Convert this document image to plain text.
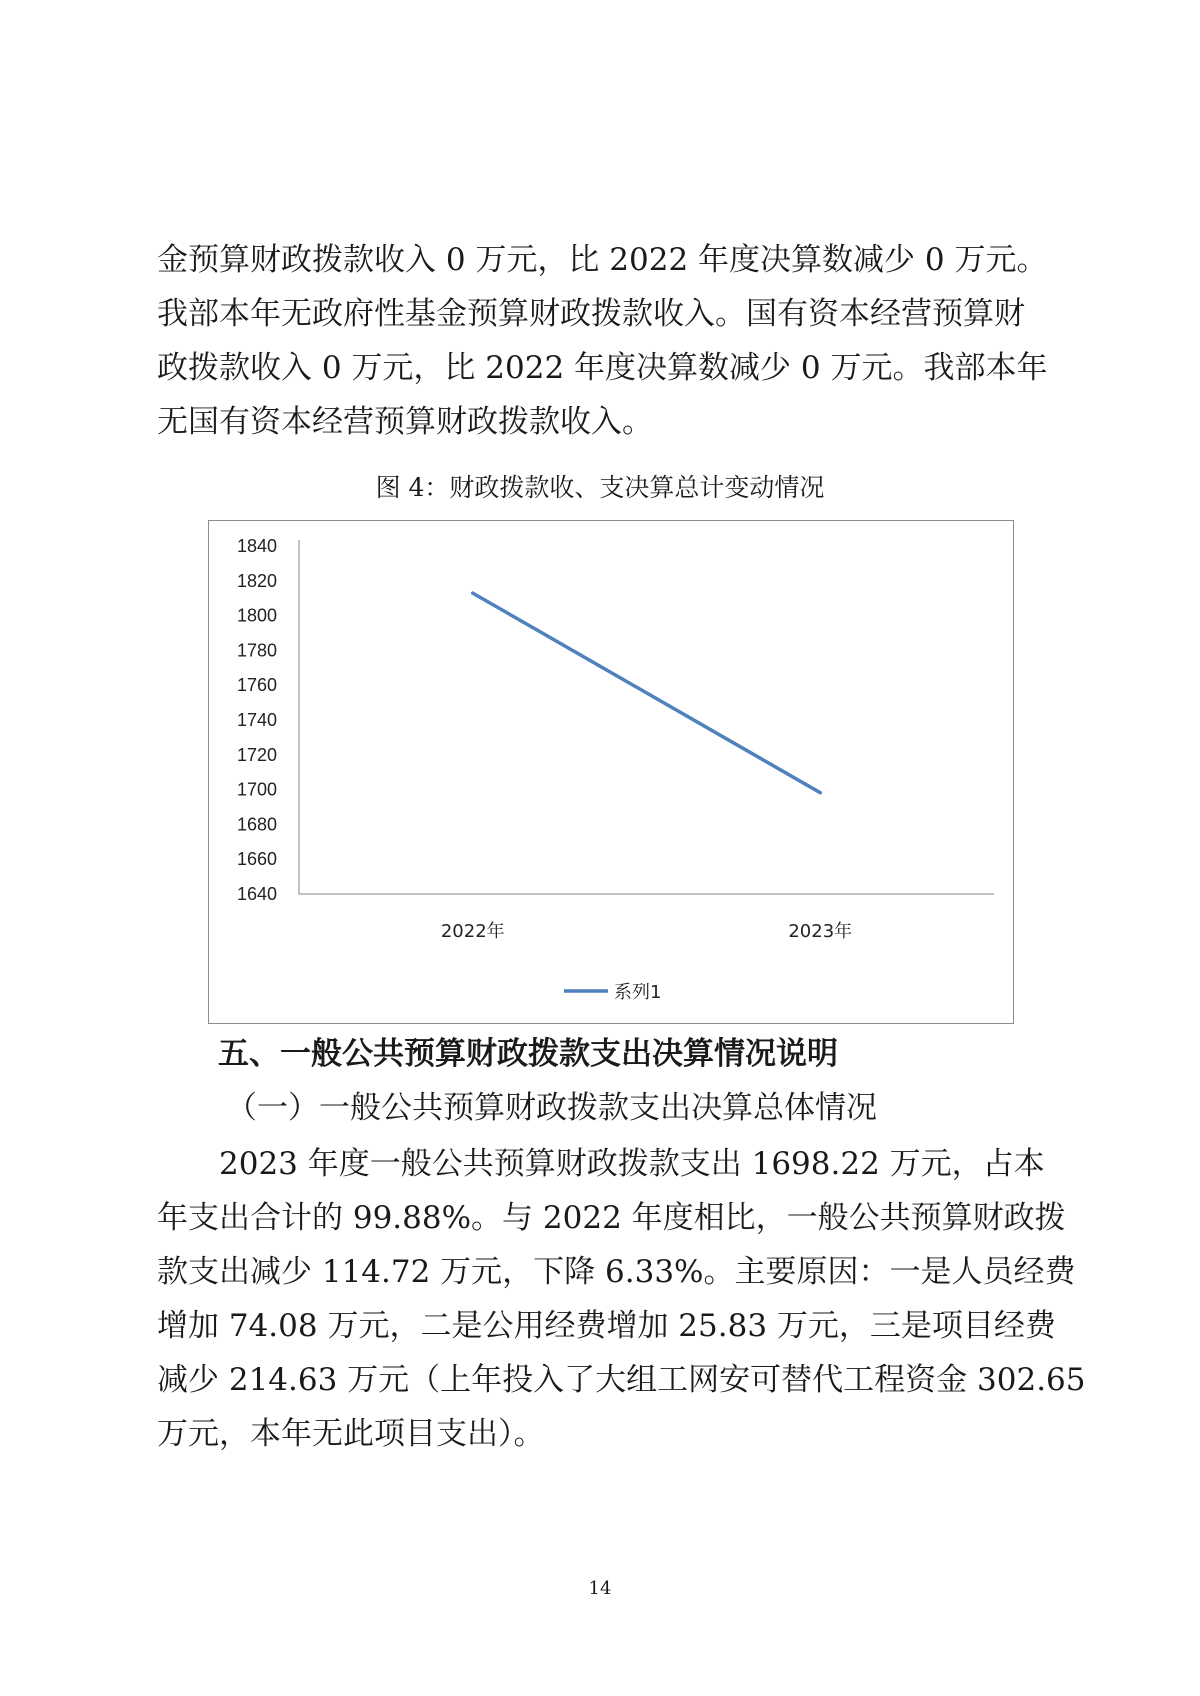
金预算财政拨款收入 0 万元，比 2022 年度决算数减少 0 万元。
我部本年无政府性基金预算财政拨款收入。国有资本经营预算财
政拨款收入 0 万元，比 2022 年度决算数减少 0 万元。我部本年
无国有资本经营预算财政拨款收入。
图 4：财政拨款收、支决算总计变动情况
1840
1820
1800
1780
1760
1740
1720
1700
1680
1660
1640
2022年	2023年
系列1
五、一般公共预算财政拨款支出决算情况说明
（一）一般公共预算财政拨款支出决算总体情况
　　2023 年度一般公共预算财政拨款支出 1698.22 万元，占本
年支出合计的 99.88%。与 2022 年度相比，一般公共预算财政拨
款支出减少 114.72 万元，下降 6.33%。主要原因：一是人员经费
增加 74.08 万元，二是公用经费增加 25.83 万元，三是项目经费
减少 214.63 万元（上年投入了大组工网安可替代工程资金 302.65
万元，本年无此项目支出）。
14
